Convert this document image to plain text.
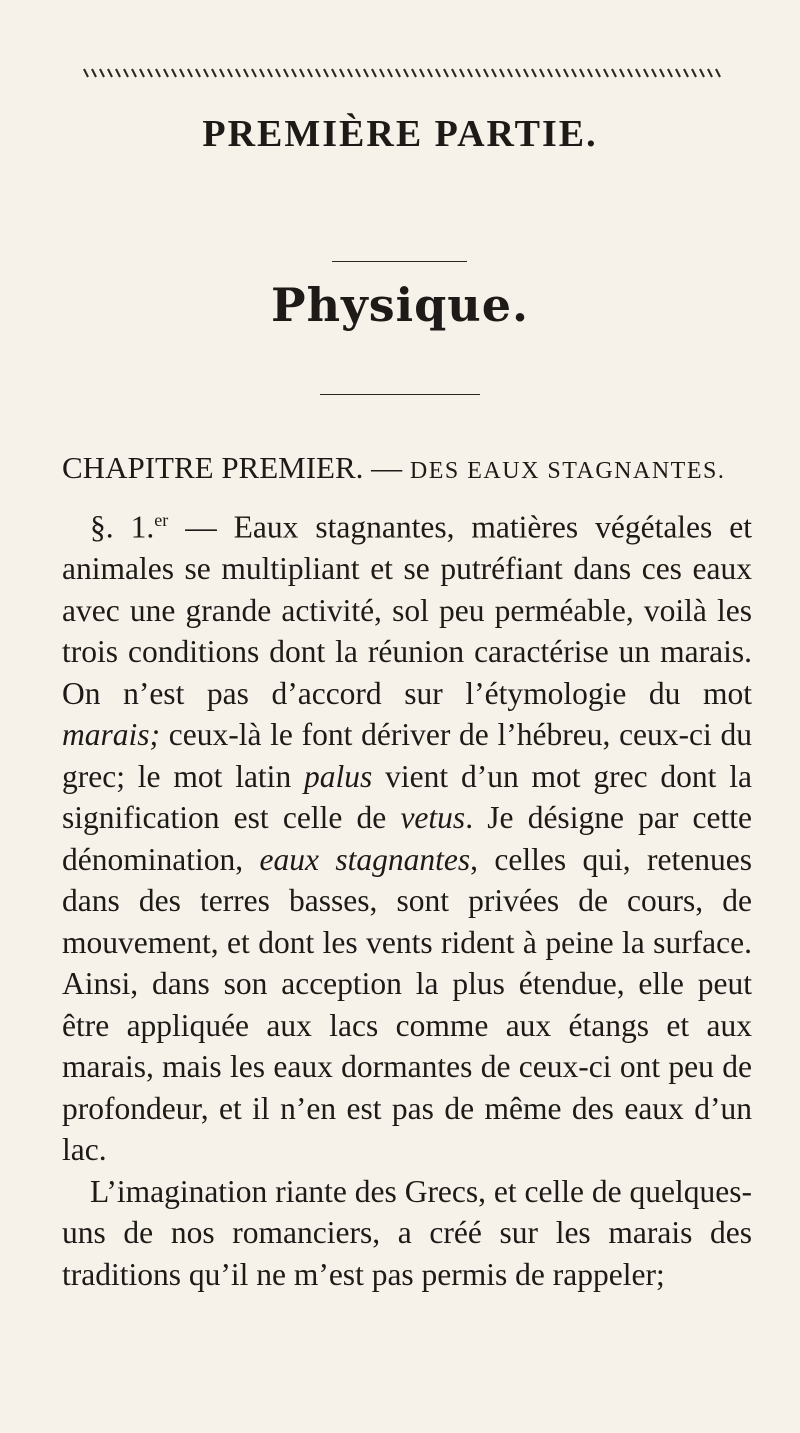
PREMIÈRE PARTIE.
Physique.
CHAPITRE PREMIER. — DES EAUX STAGNANTES.

§. 1.$^{er}$ — Eaux stagnantes, matières végétales et animales se multipliant et se putréfiant dans ces eaux avec une grande activité, sol peu perméable, voilà les trois conditions dont la réunion caractérise un marais. On n’est pas d’accord sur l’étymologie du mot marais; ceux-là le font dériver de l’hébreu, ceux-ci du grec; le mot latin palus vient d’un mot grec dont la signification est celle de vetus. Je désigne par cette dénomination, eaux stagnantes, celles qui, retenues dans des terres basses, sont privées de cours, de mouvement, et dont les vents rident à peine la surface. Ainsi, dans son acception la plus étendue, elle peut être appliquée aux lacs comme aux étangs et aux marais, mais les eaux dormantes de ceux-ci ont peu de profondeur, et il n’en est pas de même des eaux d’un lac.

L’imagination riante des Grecs, et celle de quelques-uns de nos romanciers, a créé sur les marais des traditions qu’il ne m’est pas permis de rappeler;
